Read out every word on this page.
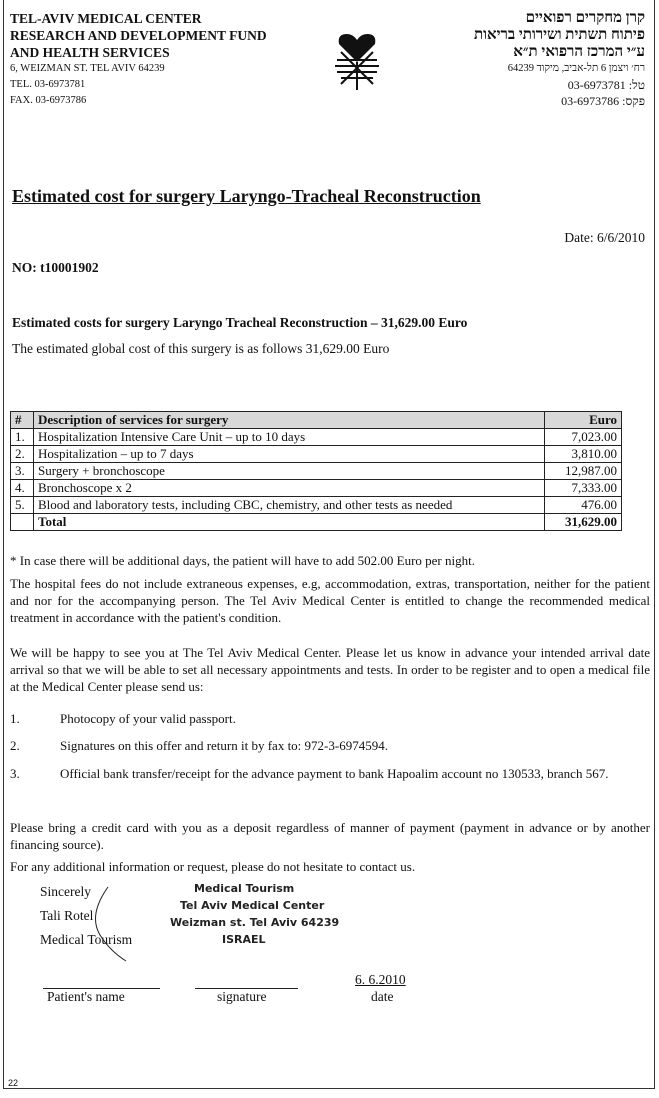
TEL-AVIV MEDICAL CENTER
RESEARCH AND DEVELOPMENT FUND
AND HEALTH SERVICES
6, WEIZMAN ST. TEL AVIV 64239
TEL. 03-6973781
FAX. 03-6973786
קרן מחקרים רפואיים
פיתוח תשתית ושירותי בריאות
ע״י המרכז הרפואי ת״א
רח׳ ויצמן 6 תל-אביב, מיקוד 64239
טל: 03-6973781
פקס: 03-6973786
Estimated cost for surgery Laryngo-Tracheal Reconstruction
Date: 6/6/2010
NO: t10001902
Estimated costs for surgery Laryngo Tracheal Reconstruction – 31,629.00 Euro
The estimated global cost of this surgery is as follows 31,629.00 Euro
#	Description of services for surgery	Euro
1.	Hospitalization Intensive Care Unit – up to 10 days	7,023.00
2.	Hospitalization – up to 7 days	3,810.00
3.	Surgery + bronchoscope	12,987.00
4.	Bronchoscope x 2	7,333.00
5.	Blood and laboratory tests, including CBC, chemistry, and other tests as needed	476.00
	Total	31,629.00
* In case there will be additional days, the patient will have to add 502.00 Euro per night.
The hospital fees do not include extraneous expenses, e.g, accommodation, extras, transportation, neither for the patient and nor for the accompanying person. The Tel Aviv Medical Center is entitled to change the recommended medical treatment in accordance with the patient's condition.
We will be happy to see you at The Tel Aviv Medical Center. Please let us know in advance your intended arrival date arrival so that we will be able to set all necessary appointments and tests. In order to be register and to open a medical file at the Medical Center please send us:
1.	Photocopy of your valid passport.
2.	Signatures on this offer and return it by fax to: 972-3-6974594.
3.	Official bank transfer/receipt for the advance payment to bank Hapoalim account no 130533, branch 567.
Please bring a credit card with you as a deposit regardless of manner of payment (payment in advance or by another financing source).
For any additional information or request, please do not hesitate to contact us.
Sincerely
Tali Rotel
Medical Tourism
Medical Tourism
Tel Aviv Medical Center
Weizman st. Tel Aviv 64239
ISRAEL
6. 6.2010
Patient's name	signature	date
22
